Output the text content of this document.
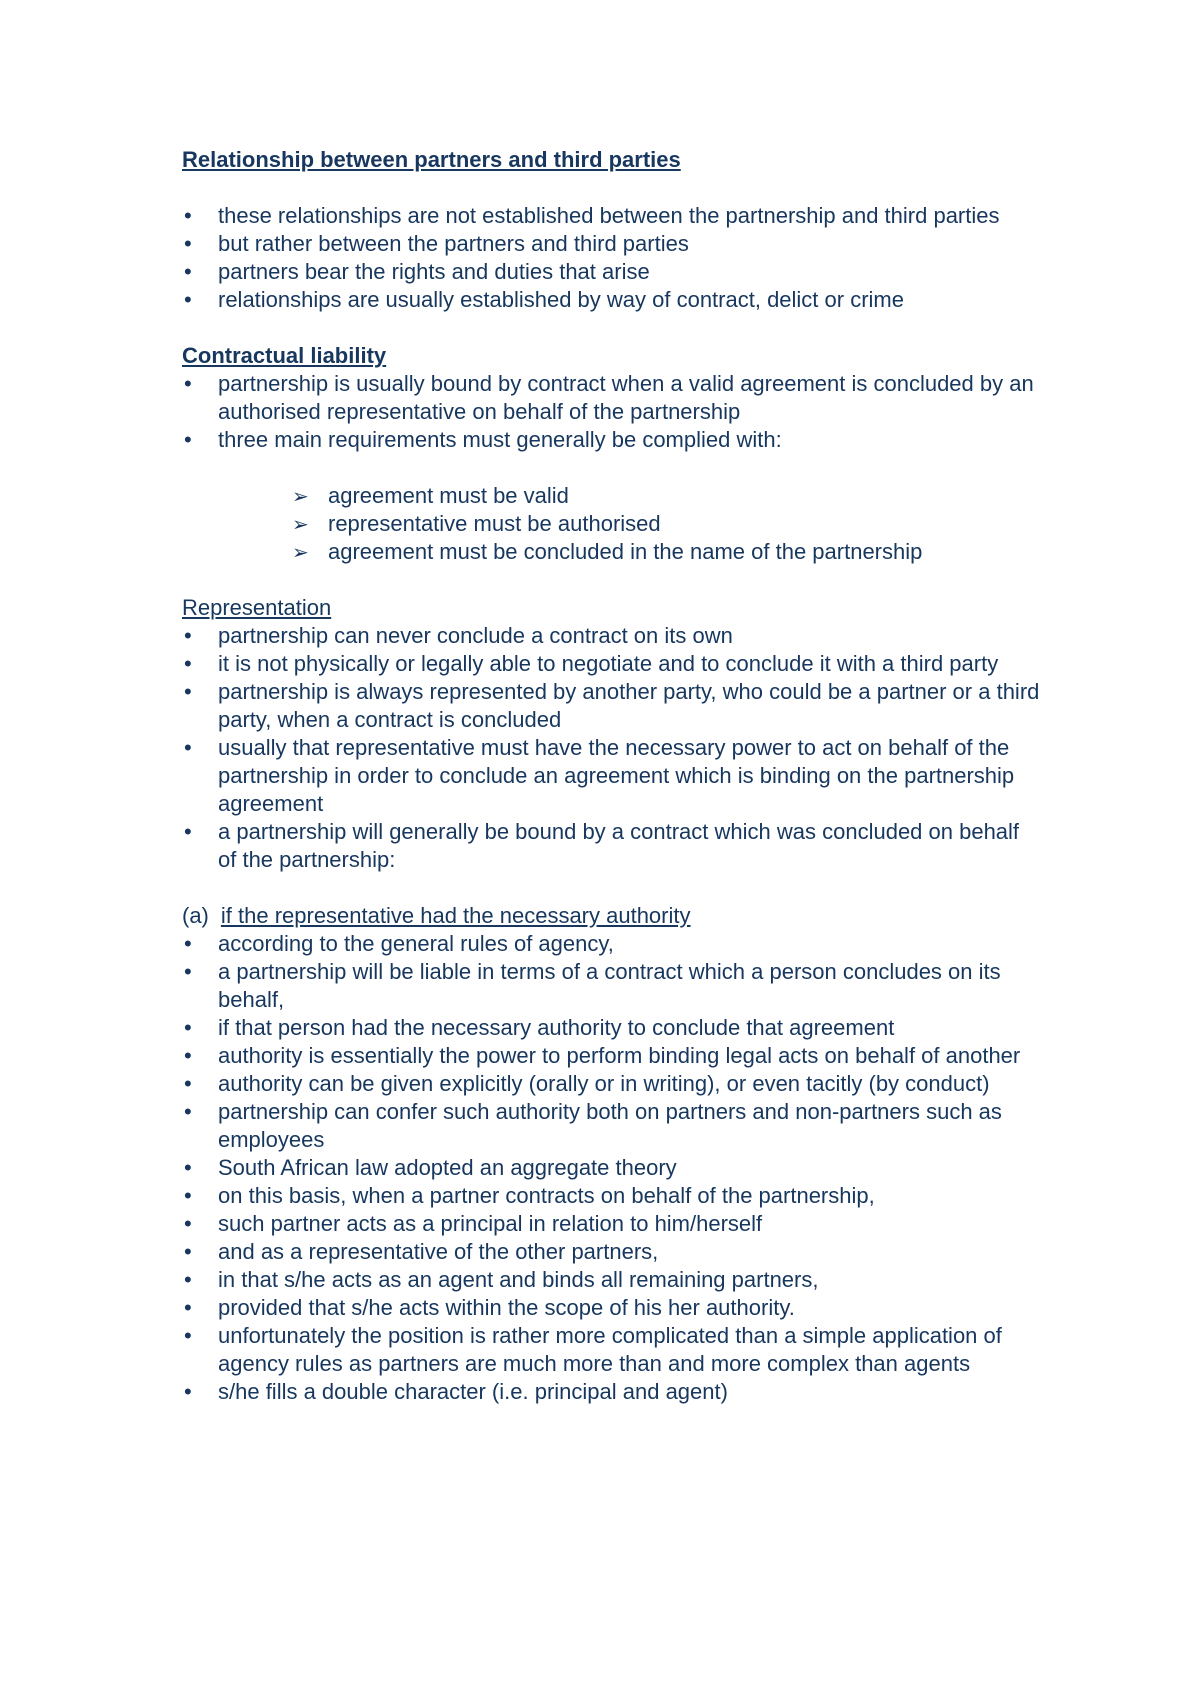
Relationship between partners and third parties
• these relationships are not established between the partnership and third parties
• but rather between the partners and third parties
• partners bear the rights and duties that arise
• relationships are usually established by way of contract, delict or crime
Contractual liability
• partnership is usually bound by contract when a valid agreement is concluded by an authorised representative on behalf of the partnership
• three main requirements must generally be complied with:
➢ agreement must be valid
➢ representative must be authorised
➢ agreement must be concluded in the name of the partnership
Representation
• partnership can never conclude a contract on its own
• it is not physically or legally able to negotiate and to conclude it with a third party
• partnership is always represented by another party, who could be a partner or a third party, when a contract is concluded
• usually that representative must have the necessary power to act on behalf of the partnership in order to conclude an agreement which is binding on the partnership agreement
• a partnership will generally be bound by a contract which was concluded on behalf of the partnership:
(a) if the representative had the necessary authority
• according to the general rules of agency,
• a partnership will be liable in terms of a contract which a person concludes on its behalf,
• if that person had the necessary authority to conclude that agreement
• authority is essentially the power to perform binding legal acts on behalf of another
• authority can be given explicitly (orally or in writing), or even tacitly (by conduct)
• partnership can confer such authority both on partners and non-partners such as employees
• South African law adopted an aggregate theory
• on this basis, when a partner contracts on behalf of the partnership,
• such partner acts as a principal in relation to him/herself
• and as a representative of the other partners,
• in that s/he acts as an agent and binds all remaining partners,
• provided that s/he acts within the scope of his her authority.
• unfortunately the position is rather more complicated than a simple application of agency rules as partners are much more than and more complex than agents
• s/he fills a double character (i.e. principal and agent)
